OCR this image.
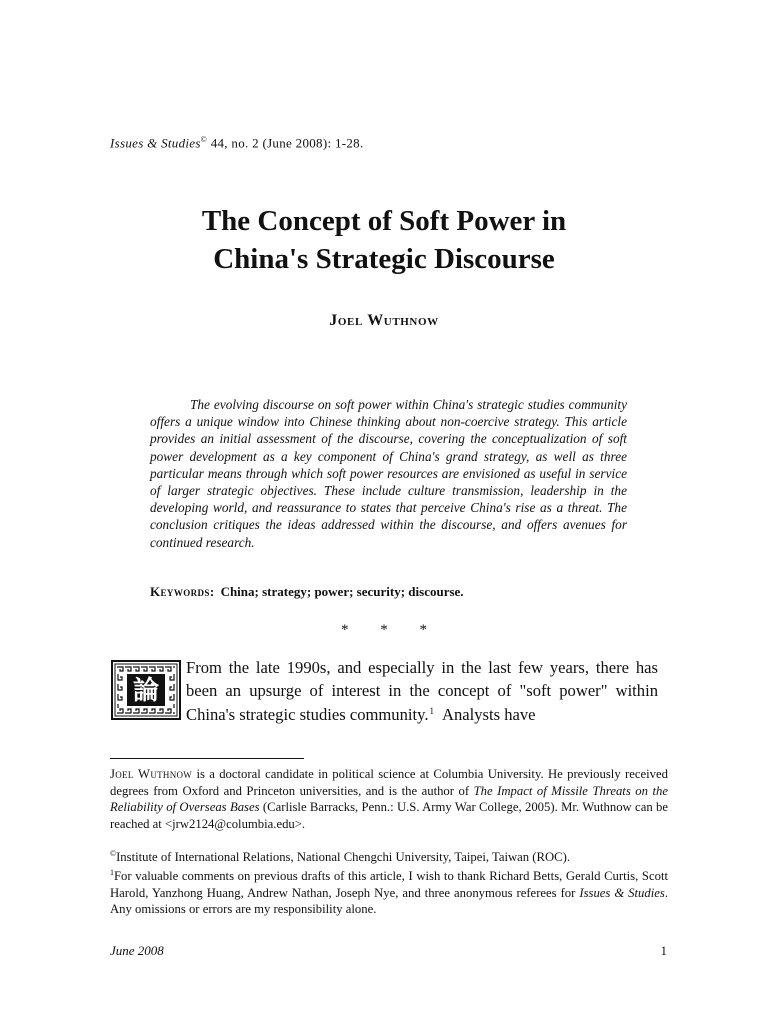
Issues & Studies© 44, no. 2 (June 2008): 1-28.
The Concept of Soft Power in
China's Strategic Discourse
Joel Wuthnow

The evolving discourse on soft power within China's strategic studies community offers a unique window into Chinese thinking about non-coercive strategy. This article provides an initial assessment of the discourse, covering the conceptualization of soft power development as a key component of China's grand strategy, as well as three particular means through which soft power resources are envisioned as useful in service of larger strategic objectives. These include culture transmission, leadership in the developing world, and reassurance to states that perceive China's rise as a threat. The conclusion critiques the ideas addressed within the discourse, and offers avenues for continued research.

Keywords: China; strategy; power; security; discourse.
* * *
論

From the late 1990s, and especially in the last few years, there has been an upsurge of interest in the concept of "soft power" within China's strategic studies community.$^1$ Analysts have

Joel Wuthnow is a doctoral candidate in political science at Columbia University. He previously received degrees from Oxford and Princeton universities, and is the author of The Impact of Missile Threats on the Reliability of Overseas Bases (Carlisle Barracks, Penn.: U.S. Army War College, 2005). Mr. Wuthnow can be reached at <jrw2124@columbia.edu>.

©Institute of International Relations, National Chengchi University, Taipei, Taiwan (ROC).

$^1$For valuable comments on previous drafts of this article, I wish to thank Richard Betts, Gerald Curtis, Scott Harold, Yanzhong Huang, Andrew Nathan, Joseph Nye, and three anonymous referees for Issues & Studies. Any omissions or errors are my responsibility alone.

June 2008	1
